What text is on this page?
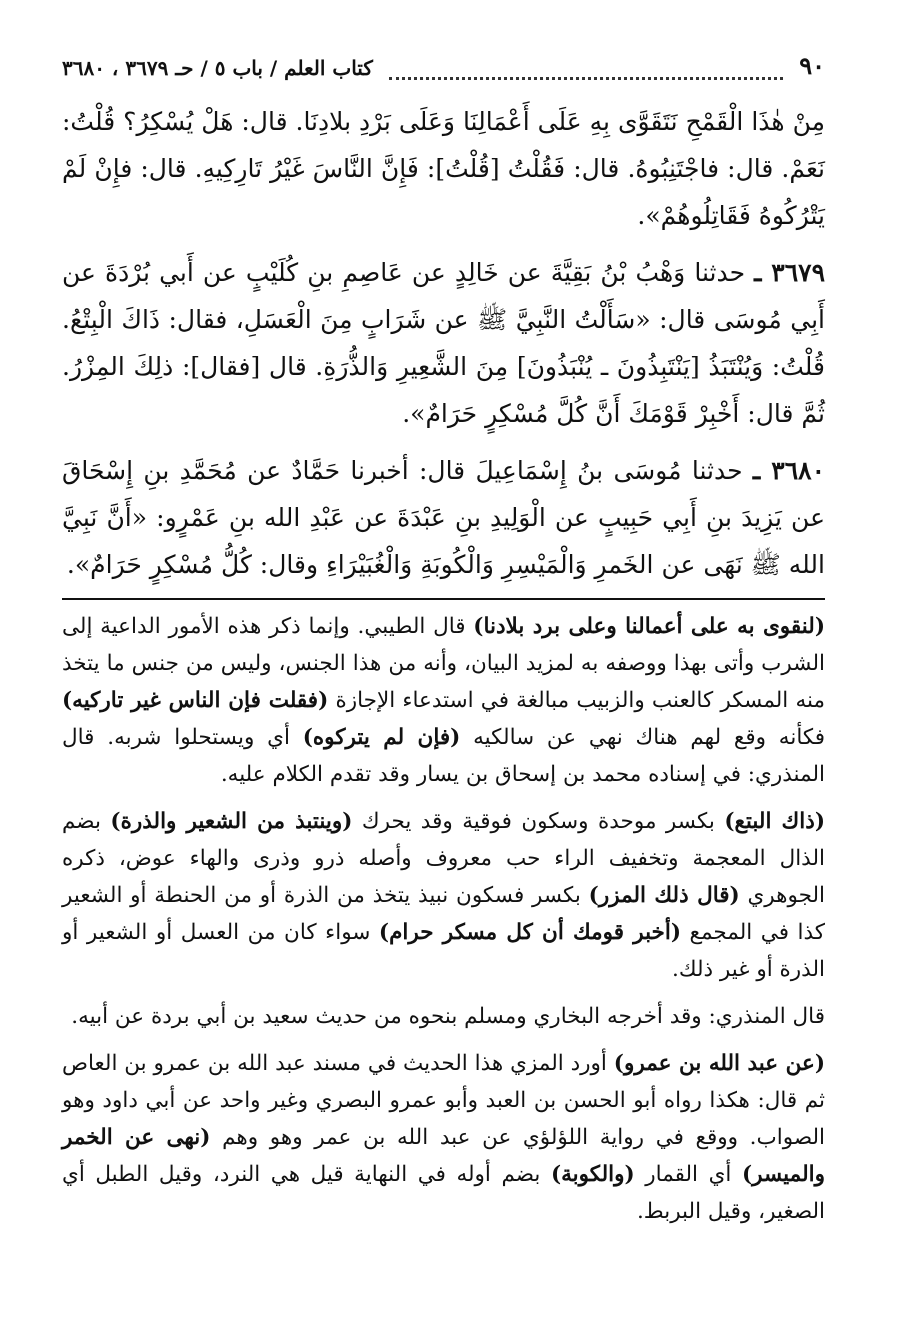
٩٠
كتاب العلم / باب ٥ / حـ ٣٦٧٩ ، ٣٦٨٠

مِنْ هٰذَا الْقَمْحِ نَتَقَوَّى بِهِ عَلَى أَعْمَالِنَا وَعَلَى بَرْدِ بلادِنَا. قال: هَلْ يُسْكِرُ؟ قُلْتُ: نَعَمْ. قال: فاجْتَنِبُوهُ. قال: فَقُلْتُ [قُلْتُ]: فَإِنَّ النَّاسَ غَيْرُ تَارِكِيهِ. قال: فإِنْ لَمْ يَتْرُكُوهُ فَقَاتِلُوهُمْ».

٣٦٧٩ ـ حدثنا وَهْبُ بْنُ بَقِيَّةَ عن خَالِدٍ عن عَاصِمِ بنِ كُلَيْبٍ عن أَبي بُرْدَةَ عن أَبِي مُوسَى قال: «سَأَلْتُ النَّبِيَّ ﷺ عن شَرَابٍ مِنَ الْعَسَلِ، فقال: ذَاكَ الْبِتْعُ. قُلْتُ: وَيُنْتَبَذُ [يَنْتَبِذُونَ ـ يُنْبَذُونَ] مِنَ الشَّعِيرِ وَالذُّرَةِ. قال [فقال]: ذلِكَ المِزْرُ. ثُمَّ قال: أَخْبِرْ قَوْمَكَ أَنَّ كُلَّ مُسْكِرٍ حَرَامٌ».

٣٦٨٠ ـ حدثنا مُوسَى بنُ إِسْمَاعِيلَ قال: أخبرنا حَمَّادٌ عن مُحَمَّدِ بنِ إِسْحَاقَ عن يَزِيدَ بنِ أَبِي حَبِيبٍ عن الْوَلِيدِ بنِ عَبْدَةَ عن عَبْدِ الله بنِ عَمْرٍو: «أَنَّ نَبِيَّ الله ﷺ نَهَى عن الخَمرِ وَالْمَيْسِرِ وَالْكُوبَةِ وَالْغُبَيْرَاءِ وقال: كُلُّ مُسْكِرٍ حَرَامٌ».

(لنقوى به على أعمالنا وعلى برد بلادنا) قال الطيبي. وإنما ذكر هذه الأمور الداعية إلى الشرب وأتى بهذا ووصفه به لمزيد البيان، وأنه من هذا الجنس، وليس من جنس ما يتخذ منه المسكر كالعنب والزبيب مبالغة في استدعاء الإجازة (فقلت فإن الناس غير تاركيه) فكأنه وقع لهم هناك نهي عن سالكيه (فإن لم يتركوه) أي ويستحلوا شربه. قال المنذري: في إسناده محمد بن إسحاق بن يسار وقد تقدم الكلام عليه.

(ذاك البتع) بكسر موحدة وسكون فوقية وقد يحرك (وينتبذ من الشعير والذرة) بضم الذال المعجمة وتخفيف الراء حب معروف وأصله ذرو وذرى والهاء عوض، ذكره الجوهري (قال ذلك المزر) بكسر فسكون نبيذ يتخذ من الذرة أو من الحنطة أو الشعير كذا في المجمع (أخبر قومك أن كل مسكر حرام) سواء كان من العسل أو الشعير أو الذرة أو غير ذلك.

قال المنذري: وقد أخرجه البخاري ومسلم بنحوه من حديث سعيد بن أبي بردة عن أبيه.

(عن عبد الله بن عمرو) أورد المزي هذا الحديث في مسند عبد الله بن عمرو بن العاص ثم قال: هكذا رواه أبو الحسن بن العبد وأبو عمرو البصري وغير واحد عن أبي داود وهو الصواب. ووقع في رواية اللؤلؤي عن عبد الله بن عمر وهو وهم (نهى عن الخمر والميسر) أي القمار (والكوبة) بضم أوله في النهاية قيل هي النرد، وقيل الطبل أي الصغير، وقيل البربط.
